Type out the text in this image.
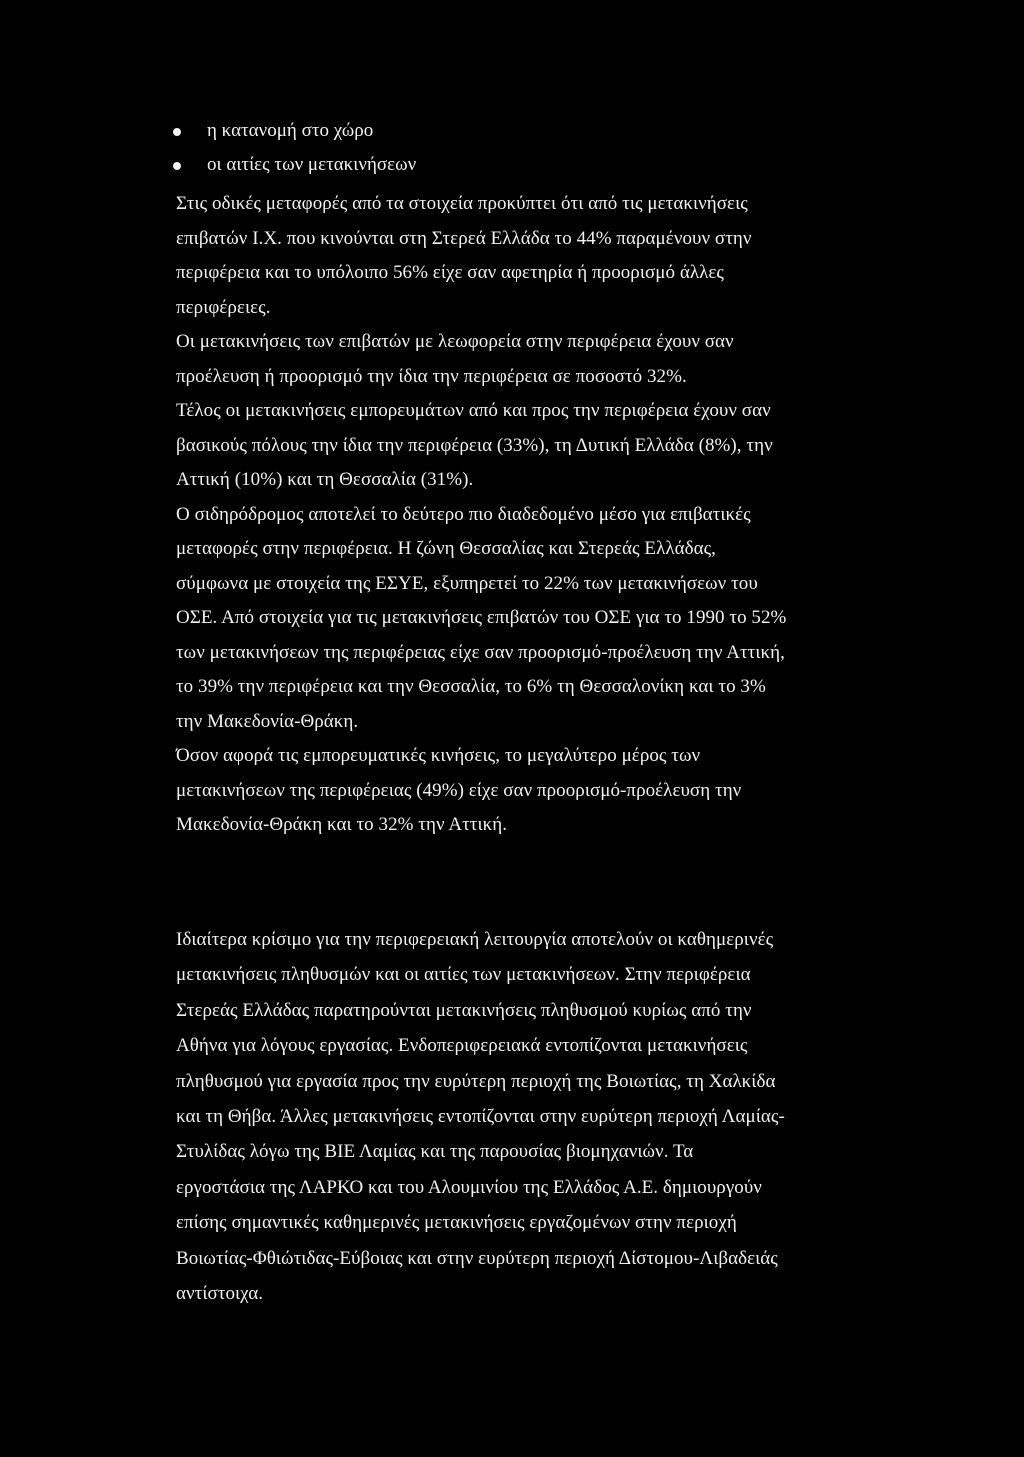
η κατανομή στο χώρο
οι αιτίες των μετακινήσεων
Στις οδικές μεταφορές από τα στοιχεία προκύπτει ότι από τις μετακινήσεις
επιβατών Ι.Χ. που κινούνται στη Στερεά Ελλάδα το 44% παραμένουν στην
περιφέρεια και το υπόλοιπο 56% είχε σαν αφετηρία ή προορισμό άλλες
περιφέρειες.
Οι μετακινήσεις των επιβατών με λεωφορεία στην περιφέρεια έχουν σαν
προέλευση ή προορισμό την ίδια την περιφέρεια σε ποσοστό 32%.
Τέλος οι μετακινήσεις εμπορευμάτων από και προς την περιφέρεια έχουν σαν
βασικούς πόλους την ίδια την περιφέρεια (33%), τη Δυτική Ελλάδα (8%), την
Αττική (10%) και τη Θεσσαλία (31%).
Ο σιδηρόδρομος αποτελεί το δεύτερο πιο διαδεδομένο μέσο για επιβατικές
μεταφορές στην περιφέρεια. Η ζώνη Θεσσαλίας και Στερεάς Ελλάδας,
σύμφωνα με στοιχεία της ΕΣΥΕ, εξυπηρετεί το 22% των μετακινήσεων του
ΟΣΕ. Από στοιχεία για τις μετακινήσεις επιβατών του ΟΣΕ για το 1990 το 52%
των μετακινήσεων της περιφέρειας είχε σαν προορισμό-προέλευση την Αττική,
το 39% την περιφέρεια και την Θεσσαλία, το 6% τη Θεσσαλονίκη και το 3%
την Μακεδονία-Θράκη.
Όσον αφορά τις εμπορευματικές κινήσεις, το μεγαλύτερο μέρος των
μετακινήσεων της περιφέρειας (49%) είχε σαν προορισμό-προέλευση την
Μακεδονία-Θράκη και το 32% την Αττική.
Ιδιαίτερα κρίσιμο για την περιφερειακή λειτουργία αποτελούν οι καθημερινές
μετακινήσεις πληθυσμών και οι αιτίες των μετακινήσεων. Στην περιφέρεια
Στερεάς Ελλάδας παρατηρούνται μετακινήσεις πληθυσμού κυρίως από την
Αθήνα για λόγους εργασίας. Ενδοπεριφερειακά εντοπίζονται μετακινήσεις
πληθυσμού για εργασία προς την ευρύτερη περιοχή της Βοιωτίας, τη Χαλκίδα
και τη Θήβα. Άλλες μετακινήσεις εντοπίζονται στην ευρύτερη περιοχή Λαμίας-
Στυλίδας λόγω της ΒΙΕ Λαμίας και της παρουσίας βιομηχανιών. Τα
εργοστάσια της ΛΑΡΚΟ και του Αλουμινίου της Ελλάδος Α.Ε. δημιουργούν
επίσης σημαντικές καθημερινές μετακινήσεις εργαζομένων στην περιοχή
Βοιωτίας-Φθιώτιδας-Εύβοιας και στην ευρύτερη περιοχή Δίστομου-Λιβαδειάς
αντίστοιχα.
